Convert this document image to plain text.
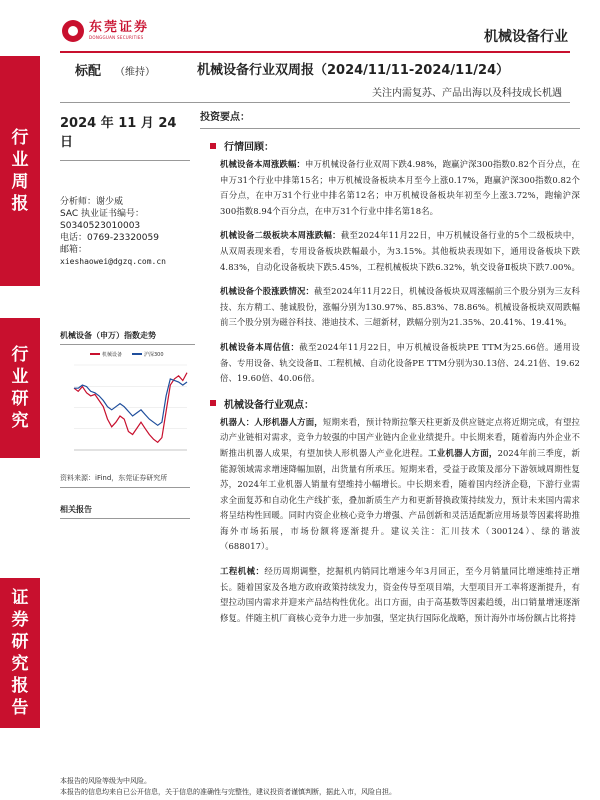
东莞证券
DONGGUAN SECURITIES	机械设备行业
行
业
周
报
行
业
研
究
证
券
研
究
报
告
标配 （维持）	机械设备行业双周报（2024/11/11-2024/11/24）
关注内需复苏、产品出海以及科技成长机遇
2024 年 11 月 24 日
分析师：谢少威
SAC 执业证书编号：
S0340523010003
电话：0769-23320059
邮箱：
xieshaowei@dgzq.com.cn
机械设备（申万）指数走势
机械设备	沪深300
资料来源：iFind，东莞证券研究所
相关报告
投资要点：
行情回顾：
机械设备本周涨跌幅：申万机械设备行业双周下跌4.98%，跑赢沪深300指数0.82个百分点，在申万31个行业中排第15名；申万机械设备板块本月至今上涨0.17%，跑赢沪深300指数0.82个百分点，在申万31个行业中排名第12名；申万机械设备板块年初至今上涨3.72%，跑输沪深300指数8.94个百分点，在申万31个行业中排名第18名。
机械设备二级板块本周涨跌幅：截至2024年11月22日，申万机械设备行业的5个二级板块中，从双周表现来看，专用设备板块跌幅最小，为3.15%。其他板块表现如下，通用设备板块下跌4.83%，自动化设备板块下跌5.45%，工程机械板块下跌6.32%，轨交设备Ⅱ板块下跌7.00%。
机械设备个股涨跌情况：截至2024年11月22日，机械设备板块双周涨幅前三个股分别为三友科技、东方精工、驰诚股份，涨幅分别为130.97%、85.83%、78.86%。机械设备板块双周跌幅前三个股分别为磁谷科技、港迪技术、三超新材，跌幅分别为21.35%、20.41%、19.41%。
机械设备本周估值：截至2024年11月22日，申万机械设备板块PE TTM为25.66倍。通用设备、专用设备、轨交设备Ⅱ、工程机械、自动化设备PE TTM分别为30.13倍、24.21倍、19.62倍、19.60倍、40.06倍。
机械设备行业观点：
机器人：人形机器人方面，短期来看，预计特斯拉擎天柱更新及供应链定点将近期完成，有望拉动产业链相对需求，竞争力较强的中国产业链内企业业绩提升。中长期来看，随着海内外企业不断推出机器人成果，有望加快人形机器人产业化进程。工业机器人方面，2024年前三季度，新能源领域需求增速降幅加剧，出货量有所承压。短期来看，受益于政策及部分下游领域周期性复苏，2024年工业机器人销量有望维持小幅增长。中长期来看，随着国内经济企稳，下游行业需求全面复苏和自动化生产线扩张，叠加新质生产力和更新替换政策持续发力，预计未来国内需求将呈结构性回暖。同时内资企业核心竞争力增强、产品创新和灵活适配新应用场景等因素将助推海外市场拓展，市场份额将逐渐提升。建议关注：汇川技术（300124）、绿的谐波（688017）。
工程机械：经历周期调整，挖掘机内销同比增速今年3月回正，至今月销量同比增速维持正增长。随着国家及各地方政府政策持续发力，资金传导至项目端，大型项目开工率将逐渐提升，有望拉动国内需求并迎来产品结构性优化。出口方面，由于高基数等因素趋缓，出口销量增速逐渐修复。伴随主机厂商核心竞争力进一步加强，坚定执行国际化战略，预计海外市场份额占比将持
本报告的风险等级为中风险。
本报告的信息均来自已公开信息，关于信息的准确性与完整性，建议投资者谨慎判断，据此入市，风险自担。
